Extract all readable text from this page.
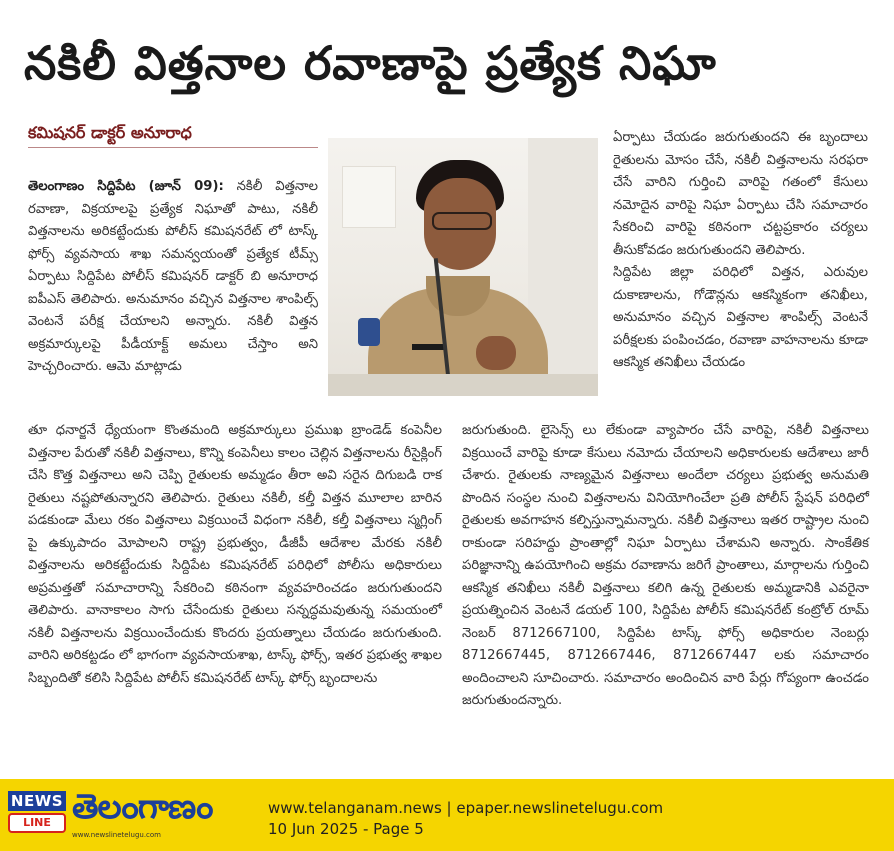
నకిలీ విత్తనాల రవాణాపై ప్రత్యేక నిఘా
కమిషనర్ డాక్టర్ అనూరాధ

తెలంగాణం సిద్దిపేట (జూన్ 09): నకిలీ విత్తనాల రవాణా, విక్రయాలపై ప్రత్యేక నిఘాతో పాటు, నకిలీ విత్తనాలను అరికట్టేందుకు పోలీస్ కమిషనరేట్ లో టాస్క్ ఫోర్స్ వ్యవసాయ శాఖ సమన్వయంతో ప్రత్యేక టీమ్స్ ఏర్పాటు సిద్దిపేట పోలీస్ కమిషనర్ డాక్టర్ బి అనూరాధ ఐపీఎస్ తెలిపారు. అనుమానం వచ్చిన విత్తనాల శాంపిల్స్ వెంటనే పరీక్ష చేయాలని అన్నారు. నకిలీ విత్తన అక్రమార్కులపై పీడీయాక్ట్ అమలు చేస్తాం అని హెచ్చరించారు. ఆమె మాట్లాడు

ఏర్పాటు చేయడం జరుగుతుందని ఈ బృందాలు రైతులను మోసం చేసే, నకిలీ విత్తనాలను సరఫరా చేసే వారిని గుర్తించి వారిపై గతంలో కేసులు నమోదైన వారిపై నిఘా ఏర్పాటు చేసి సమాచారం సేకరించి వారిపై కఠినంగా చట్టప్రకారం చర్యలు తీసుకోవడం జరుగుతుందని తెలిపారు.

సిద్దిపేట జిల్లా పరిధిలో విత్తన, ఎరువుల దుకాణాలను, గోడౌన్లను ఆకస్మికంగా తనిఖీలు, అనుమానం వచ్చిన విత్తనాల శాంపిల్స్ వెంటనే పరీక్షలకు పంపించడం, రవాణా వాహనాలను కూడా ఆకస్మిక తనిఖీలు చేయడం

తూ ధనార్జనే ధ్యేయంగా కొంతమంది అక్రమార్కులు ప్రముఖ బ్రాండెడ్ కంపెనీల విత్తనాల పేరుతో నకిలీ విత్తనాలు, కొన్ని కంపెనీలు కాలం చెల్లిన విత్తనాలను రీసైక్లింగ్ చేసి కొత్త విత్తనాలు అని చెప్పి రైతులకు అమ్మడం తీరా అవి సరైన దిగుబడి రాక రైతులు నష్టపోతున్నారని తెలిపారు. రైతులు నకిలీ, కల్తీ విత్తన మూలాల బారిన పడకుండా మేలు రకం విత్తనాలు విక్రయించే విధంగా నకిలీ, కల్తీ విత్తనాలు స్మగ్లింగ్ పై ఉక్కుపాదం మోపాలని రాష్ట్ర ప్రభుత్వం, డీజీపీ ఆదేశాల మేరకు నకిలీ విత్తనాలను అరికట్టేందుకు సిద్దిపేట కమిషనరేట్ పరిధిలో పోలీసు అధికారులు అప్రమత్తతో సమాచారాన్ని సేకరించి కఠినంగా వ్యవహరించడం జరుగుతుందని తెలిపారు. వానాకాలం సాగు చేసేందుకు రైతులు సన్నద్ధమవుతున్న సమయంలో నకిలీ విత్తనాలను విక్రయించేందుకు కొందరు ప్రయత్నాలు చేయడం జరుగుతుంది. వారిని అరికట్టడం లో భాగంగా వ్యవసాయశాఖ, టాస్క్ ఫోర్స్, ఇతర ప్రభుత్వ శాఖల సిబ్బందితో కలిసి సిద్దిపేట పోలీస్ కమిషనరేట్ టాస్క్ ఫోర్స్ బృందాలను

జరుగుతుంది. లైసెన్స్ లు లేకుండా వ్యాపారం చేసే వారిపై, నకిలీ విత్తనాలు విక్రయించే వారిపై కూడా కేసులు నమోదు చేయాలని అధికారులకు ఆదేశాలు జారీ చేశారు. రైతులకు నాణ్యమైన విత్తనాలు అందేలా చర్యలు ప్రభుత్వ అనుమతి పొందిన సంస్థల నుంచి విత్తనాలను వినియోగించేలా ప్రతి పోలీస్ స్టేషన్ పరిధిలో రైతులకు అవగాహన కల్పిస్తున్నామన్నారు. నకిలీ విత్తనాలు ఇతర రాష్ట్రాల నుంచి రాకుండా సరిహద్దు ప్రాంతాల్లో నిఘా ఏర్పాటు చేశామని అన్నారు. సాంకేతిక పరిజ్ఞానాన్ని ఉపయోగించి అక్రమ రవాణాను జరిగే ప్రాంతాలు, మార్గాలను గుర్తించి ఆకస్మిక తనిఖీలు నకిలీ విత్తనాలు కలిగి ఉన్న రైతులకు అమ్మడానికి ఎవరైనా ప్రయత్నించిన వెంటనే డయల్ 100, సిద్దిపేట పోలీస్ కమిషనరేట్ కంట్రోల్ రూమ్ నెంబర్ 8712667100, సిద్దిపేట టాస్క్ ఫోర్స్ అధికారుల నెంబర్లు 8712667445, 8712667446, 8712667447 లకు సమాచారం అందించాలని సూచించారు. సమాచారం అందించిన వారి పేర్లు గోప్యంగా ఉంచడం జరుగుతుందన్నారు.

NEWS
LINE తెలంగాణం
www.newslinetelugu.com
www.telanganam.news | epaper.newslinetelugu.com
10 Jun 2025 - Page 5
